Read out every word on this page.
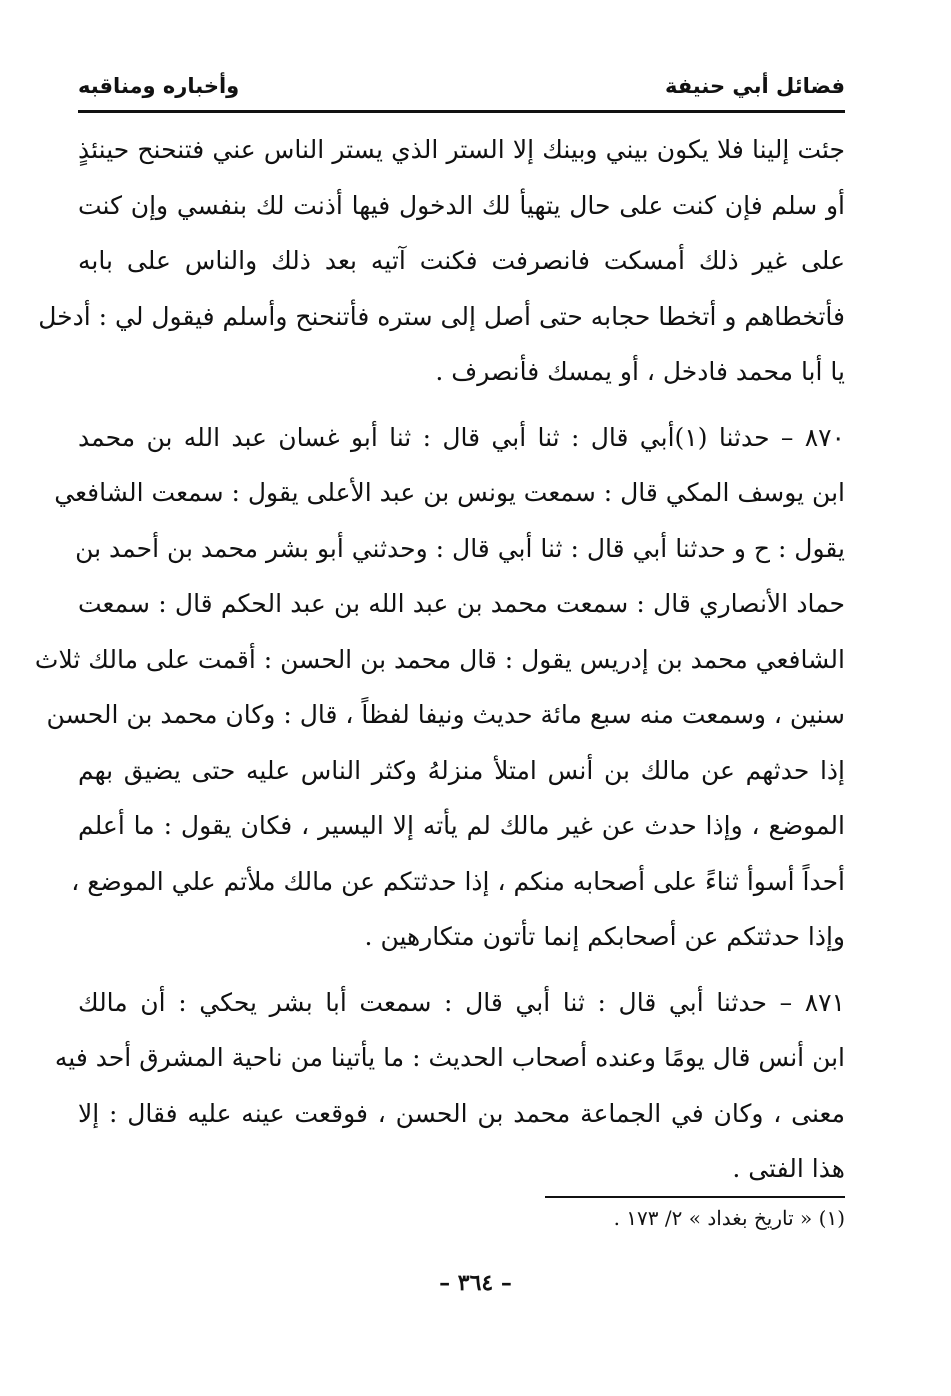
فضائل أبي حنيفة
وأخباره ومناقبه
جئت إلينا فلا يكون بيني وبينك إلا الستر الذي يستر الناس عني فتنحنح حينئذٍ
أو سلم فإن كنت على حال يتهيأ لك الدخول فيها أذنت لك بنفسي وإن كنت
على غير ذلك أمسكت فانصرفت فكنت آتيه بعد ذلك والناس على بابه
فأتخطاهم و أتخطا حجابه حتى أصل إلى ستره فأتنحنح وأسلم فيقول لي : أدخل
يا أبا محمد فادخل ، أو يمسك فأنصرف .
٨٧٠ – حدثنا (١)أبي قال : ثنا أبي قال : ثنا أبو غسان عبد الله بن محمد
ابن يوسف المكي قال : سمعت يونس بن عبد الأعلى يقول : سمعت الشافعي
يقول : ح و حدثنا أبي قال : ثنا أبي قال : وحدثني أبو بشر محمد بن أحمد بن
حماد الأنصاري قال : سمعت محمد بن عبد الله بن عبد الحكم قال : سمعت
الشافعي محمد بن إدريس يقول : قال محمد بن الحسن : أقمت على مالك ثلاث
سنين ، وسمعت منه سبع مائة حديث ونيفا لفظاً ، قال : وكان محمد بن الحسن
إذا حدثهم عن مالك بن أنس امتلأ منزلهُ وكثر الناس عليه حتى يضيق بهم
الموضع ، وإذا حدث عن غير مالك لم يأته إلا اليسير ، فكان يقول : ما أعلم
أحداً أسوأ ثناءً على أصحابه منكم ، إذا حدثتكم عن مالك ملأتم علي الموضع ،
وإذا حدثتكم عن أصحابكم إنما تأتون متكارهين .
٨٧١ – حدثنا أبي قال : ثنا أبي قال : سمعت أبا بشر يحكي : أن مالك
ابن أنس قال يومًا وعنده أصحاب الحديث : ما يأتينا من ناحية المشرق أحد فيه
معنى ، وكان في الجماعة محمد بن الحسن ، فوقعت عينه عليه فقال : إلا
هذا الفتى .
(١) « تاريخ بغداد » ٢/ ١٧٣ .
– ٣٦٤ –
